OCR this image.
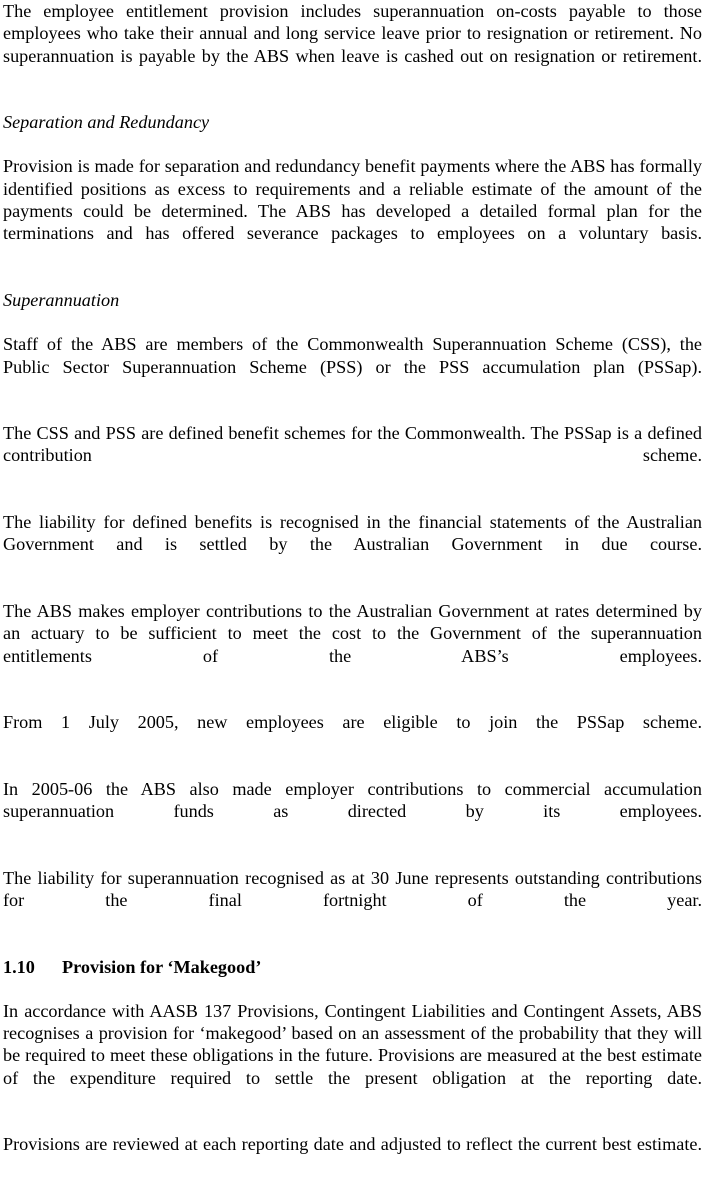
The employee entitlement provision includes superannuation on-costs payable to those employees who take their annual and long service leave prior to resignation or retirement. No superannuation is payable by the ABS when leave is cashed out on resignation or retirement.

Separation and Redundancy

Provision is made for separation and redundancy benefit payments where the ABS has formally identified positions as excess to requirements and a reliable estimate of the amount of the payments could be determined. The ABS has developed a detailed formal plan for the terminations and has offered severance packages to employees on a voluntary basis.

Superannuation

Staff of the ABS are members of the Commonwealth Superannuation Scheme (CSS), the Public Sector Superannuation Scheme (PSS) or the PSS accumulation plan (PSSap).

The CSS and PSS are defined benefit schemes for the Commonwealth. The PSSap is a defined contribution scheme.

The liability for defined benefits is recognised in the financial statements of the Australian Government and is settled by the Australian Government in due course.

The ABS makes employer contributions to the Australian Government at rates determined by an actuary to be sufficient to meet the cost to the Government of the superannuation entitlements of the ABS’s employees.

From 1 July 2005, new employees are eligible to join the PSSap scheme.

In 2005-06 the ABS also made employer contributions to commercial accumulation superannuation funds as directed by its employees.

The liability for superannuation recognised as at 30 June represents outstanding contributions for the final fortnight of the year.

1.10 Provision for ‘Makegood’

In accordance with AASB 137 Provisions, Contingent Liabilities and Contingent Assets, ABS recognises a provision for ‘makegood’ based on an assessment of the probability that they will be required to meet these obligations in the future. Provisions are measured at the best estimate of the expenditure required to settle the present obligation at the reporting date.

Provisions are reviewed at each reporting date and adjusted to reflect the current best estimate.
